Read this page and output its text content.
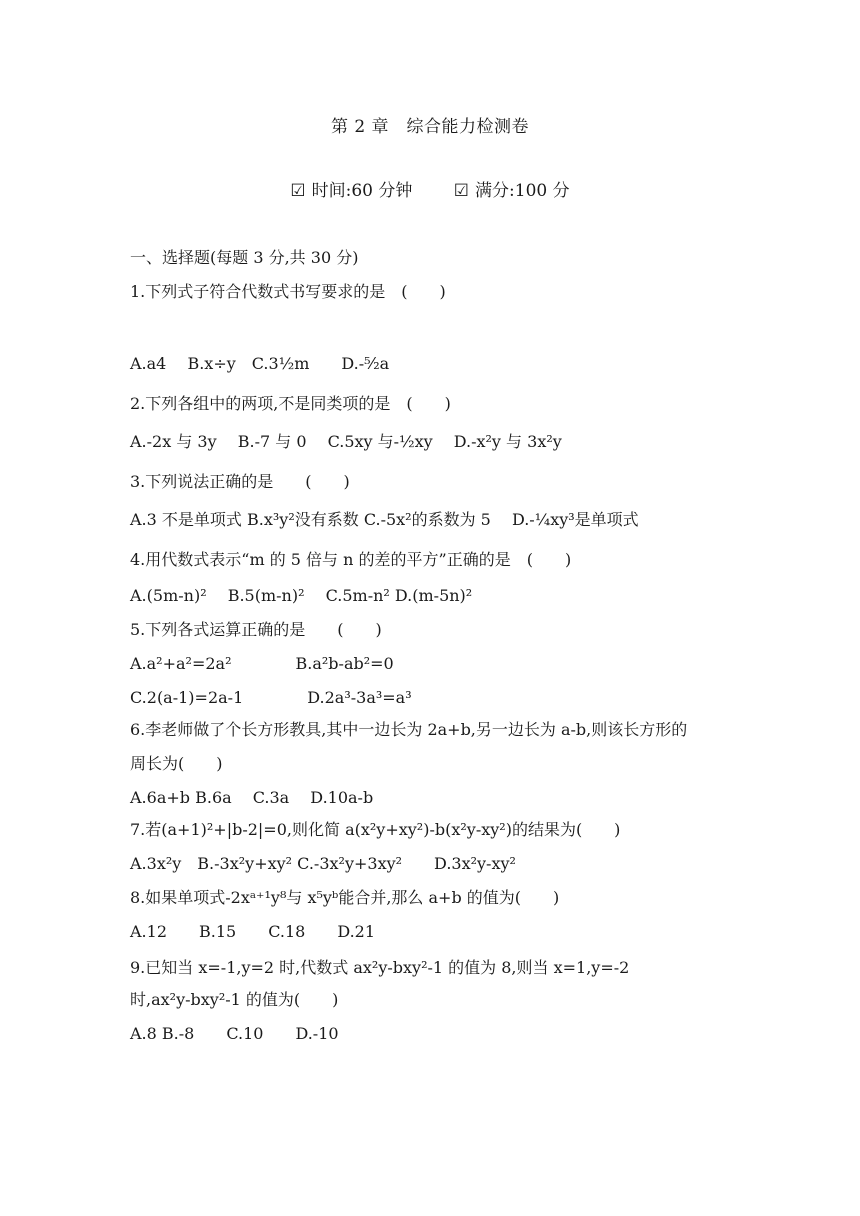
第 2 章　综合能力检测卷
☑ 时间:60 分钟 ☑ 满分:100 分
一、选择题(每题 3 分,共 30 分)
1.下列式子符合代数式书写要求的是　(　　)
A.a4　 B.x÷y　C.3½m　　D.-⁵⁄₂a
2.下列各组中的两项,不是同类项的是　(　　)
A.-2x 与 3y　 B.-7 与 0　 C.5xy 与-½xy　 D.-x²y 与 3x²y
3.下列说法正确的是　　(　　)
A.3 不是单项式 B.x³y²没有系数 C.-5x²的系数为 5　 D.-¼xy³是单项式
4.用代数式表示“m 的 5 倍与 n 的差的平方”正确的是　(　　)
A.(5m-n)²　 B.5(m-n)²　 C.5m-n² D.(m-5n)²
5.下列各式运算正确的是　　(　　)
A.a²+a²=2a²　　　　B.a²b-ab²=0
C.2(a-1)=2a-1　　　　D.2a³-3a³=a³
6.李老师做了个长方形教具,其中一边长为 2a+b,另一边长为 a-b,则该长方形的
周长为(　　)
A.6a+b B.6a　 C.3a　 D.10a-b
7.若(a+1)²+|b-2|=0,则化简 a(x²y+xy²)-b(x²y-xy²)的结果为(　　)
A.3x²y　B.-3x²y+xy² C.-3x²y+3xy²　　D.3x²y-xy²
8.如果单项式-2xᵃ⁺¹y⁸与 x⁵yᵇ能合并,那么 a+b 的值为(　　)
A.12　　B.15　　C.18　　D.21
9.已知当 x=-1,y=2 时,代数式 ax²y-bxy²-1 的值为 8,则当 x=1,y=-2
时,ax²y-bxy²-1 的值为(　　)
A.8 B.-8　　C.10　　D.-10
